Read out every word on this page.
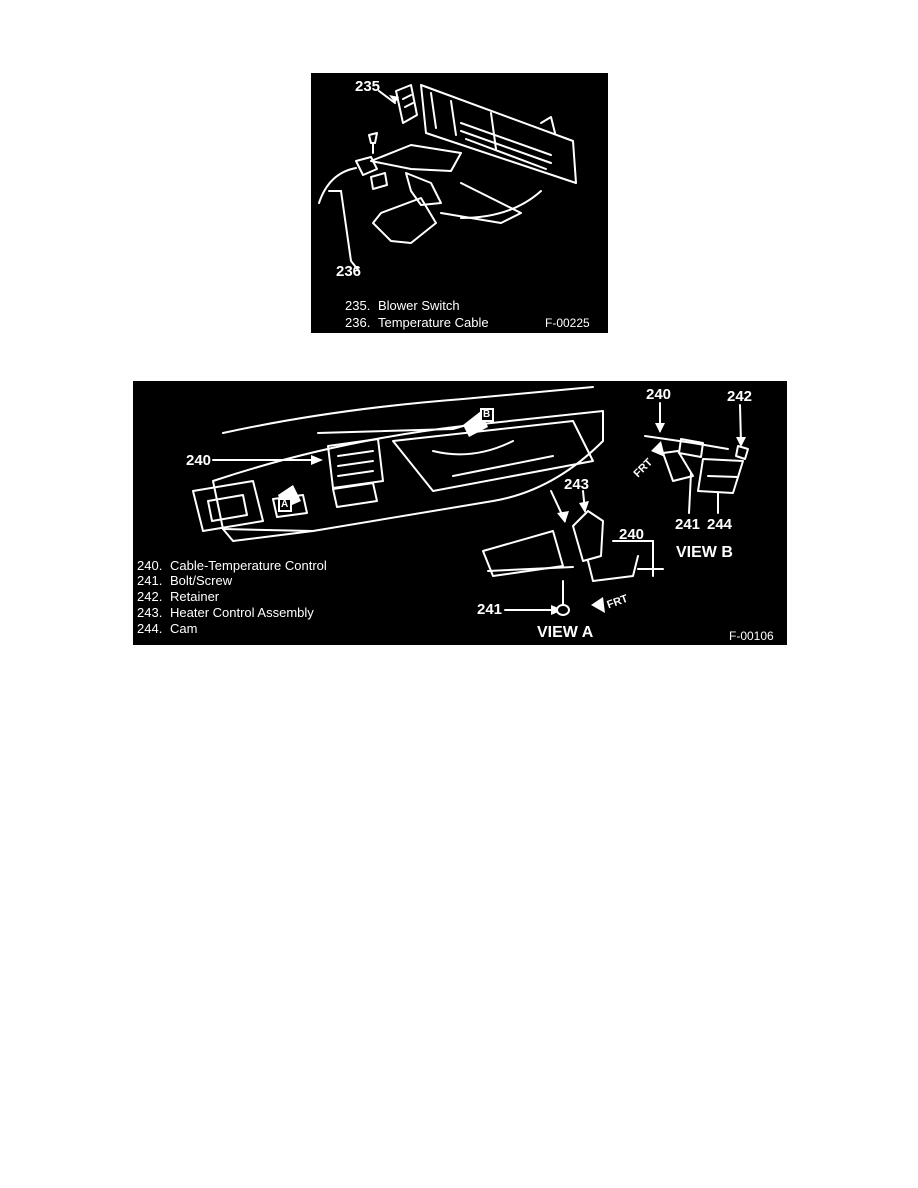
235
236
235. Blower Switch
236. Temperature Cable	F-00225
240
240	242
241 244
243
240
241
A
B
FRT
FRT
VIEW A
VIEW B
240. Cable-Temperature Control
241. Bolt/Screw
242. Retainer
243. Heater Control Assembly
244. Cam	F-00106
